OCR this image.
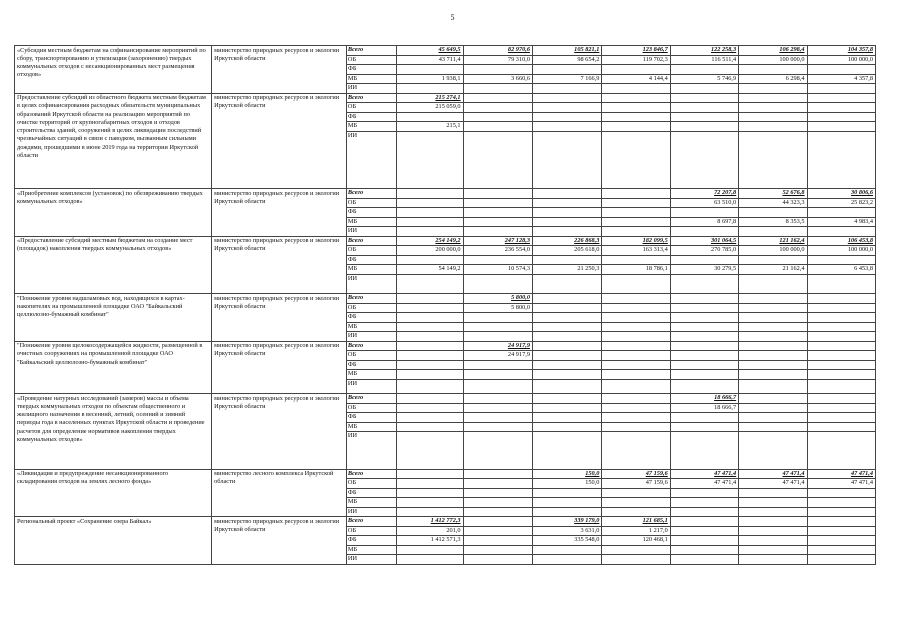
5
«Субсидия местным бюджетам на софинансирование мероприятий по сбору, транспортированию и утилизации (захоронению) твердых коммунальных отходов с несанкционированных мест размещения отходов»	министерство природных ресурсов и экологии Иркутской области	Всего	45 649,5	82 970,6	105 821,1	123 846,7	122 258,3	106 298,4	104 357,8
		ОБ	43 711,4	79 310,0	98 654,2	119 702,3	116 511,4	100 000,0	100 000,0
		ФБ							
		МБ	1 938,1	3 660,6	7 166,9	4 144,4	5 746,9	6 298,4	4 357,8
		ИИ							
Предоставление субсидий из областного бюджета местным бюджетам в целях софинансирования расходных обязательств муниципальных образований Иркутской области на реализацию мероприятий по очистке территорий от крупногабаритных отходов и отходов строительства зданий, сооружений в целях ликвидации последствий чрезвычайных ситуаций в связи с паводком, вызванным сильными дождями, прошедшими в июне 2019 года на территории Иркутской области	министерство природных ресурсов и экологии Иркутской области	Всего	215 274,1						
		ОБ	215 059,0						
		ФБ							
		МБ	215,1						
		ИИ							
«Приобретение комплексов (установок) по обезвреживанию твердых коммунальных отходов»	министерство природных ресурсов и экологии Иркутской области	Всего					72 207,8	52 676,8	30 806,6
		ОБ					63 510,0	44 323,3	25 823,2
		ФБ							
		МБ					8 697,8	8 353,5	4 983,4
		ИИ							
«Предоставление субсидий местным бюджетам на создание мест (площадок) накопления твердых коммунальных отходов»	министерство природных ресурсов и экологии Иркутской области	Всего	254 149,2	247 128,3	226 868,3	182 099,5	301 064,5	121 162,4	106 453,8
		ОБ	200 000,0	236 554,0	205 618,0	163 313,4	270 785,0	100 000,0	100 000,0
		ФБ							
		МБ	54 149,2	10 574,3	21 250,3	18 786,1	30 279,5	21 162,4	6 453,8
		ИИ							
"Понижение уровня надшламовых вод, находящихся в картах-накопителях на промышленной площадке ОАО "Байкальский целлюлозно-бумажный комбинат"	министерство природных ресурсов и экологии Иркутской области	Всего		5 800,0					
		ОБ		5 800,0					
		ФБ							
		МБ							
		ИИ							
"Понижение уровня щелокосодержащейся жидкости, размещенной в очистных сооружениях на промышленной площадке ОАО "Байкальский целлюлозно-бумажный комбинат"	министерство природных ресурсов и экологии Иркутской области	Всего		24 917,9					
		ОБ		24 917,9					
		ФБ							
		МБ							
		ИИ							
«Проведение натурных исследований (замеров) массы и объема твердых коммунальных отходов по объектам общественного и жилищного назначения в весенний, летний, осенний и зимний периоды года в населенных пунктах Иркутской области и проведение расчетов для определение нормативов накопления твердых коммунальных отходов»	министерство природных ресурсов и экологии Иркутской области	Всего					18 666,7		
		ОБ					18 666,7		
		ФБ							
		МБ							
		ИИ							
«Ликвидация и предупреждение несанкционированного складирования отходов на землях лесного фонда»	министерство лесного комплекса Иркутской области	Всего			150,0	47 159,6	47 471,4	47 471,4	47 471,4
		ОБ			150,0	47 159,6	47 471,4	47 471,4	47 471,4
		ФБ							
		МБ							
		ИИ							
Региональный проект «Сохранение озера Байкал»	министерство природных ресурсов и экологии Иркутской области	Всего	1 412 772,3		339 179,0	121 685,1			
		ОБ	201,0		3 631,0	1 217,0			
		ФБ	1 412 571,3		335 548,0	120 468,1			
		МБ							
		ИИ							
